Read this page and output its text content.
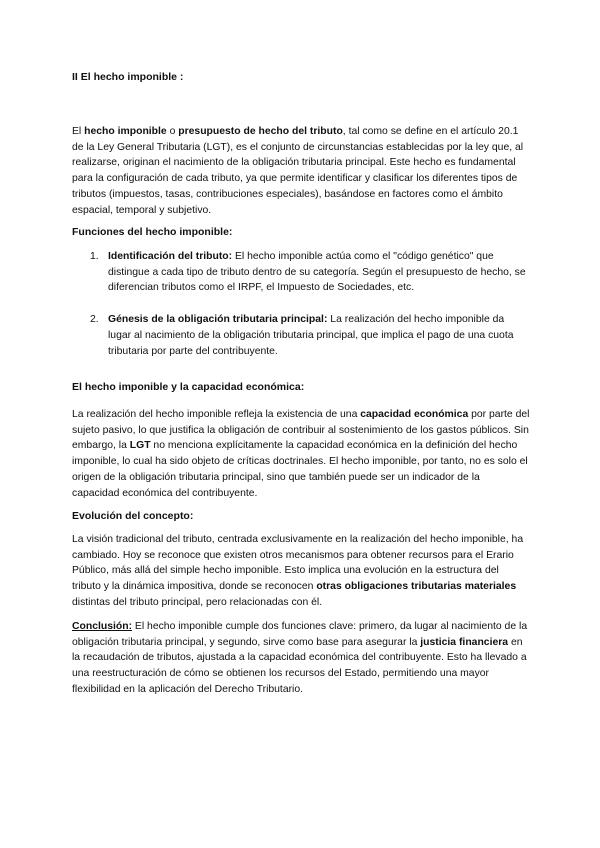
II El hecho imponible :
El hecho imponible o presupuesto de hecho del tributo, tal como se define en el artículo 20.1 de la Ley General Tributaria (LGT), es el conjunto de circunstancias establecidas por la ley que, al realizarse, originan el nacimiento de la obligación tributaria principal. Este hecho es fundamental para la configuración de cada tributo, ya que permite identificar y clasificar los diferentes tipos de tributos (impuestos, tasas, contribuciones especiales), basándose en factores como el ámbito espacial, temporal y subjetivo.
Funciones del hecho imponible:
1. Identificación del tributo: El hecho imponible actúa como el "código genético" que distingue a cada tipo de tributo dentro de su categoría. Según el presupuesto de hecho, se diferencian tributos como el IRPF, el Impuesto de Sociedades, etc.
2. Génesis de la obligación tributaria principal: La realización del hecho imponible da lugar al nacimiento de la obligación tributaria principal, que implica el pago de una cuota tributaria por parte del contribuyente.
El hecho imponible y la capacidad económica:
La realización del hecho imponible refleja la existencia de una capacidad económica por parte del sujeto pasivo, lo que justifica la obligación de contribuir al sostenimiento de los gastos públicos. Sin embargo, la LGT no menciona explícitamente la capacidad económica en la definición del hecho imponible, lo cual ha sido objeto de críticas doctrinales. El hecho imponible, por tanto, no es solo el origen de la obligación tributaria principal, sino que también puede ser un indicador de la capacidad económica del contribuyente.
Evolución del concepto:
La visión tradicional del tributo, centrada exclusivamente en la realización del hecho imponible, ha cambiado. Hoy se reconoce que existen otros mecanismos para obtener recursos para el Erario Público, más allá del simple hecho imponible. Esto implica una evolución en la estructura del tributo y la dinámica impositiva, donde se reconocen otras obligaciones tributarias materiales distintas del tributo principal, pero relacionadas con él.
Conclusión: El hecho imponible cumple dos funciones clave: primero, da lugar al nacimiento de la obligación tributaria principal, y segundo, sirve como base para asegurar la justicia financiera en la recaudación de tributos, ajustada a la capacidad económica del contribuyente. Esto ha llevado a una reestructuración de cómo se obtienen los recursos del Estado, permitiendo una mayor flexibilidad en la aplicación del Derecho Tributario.
